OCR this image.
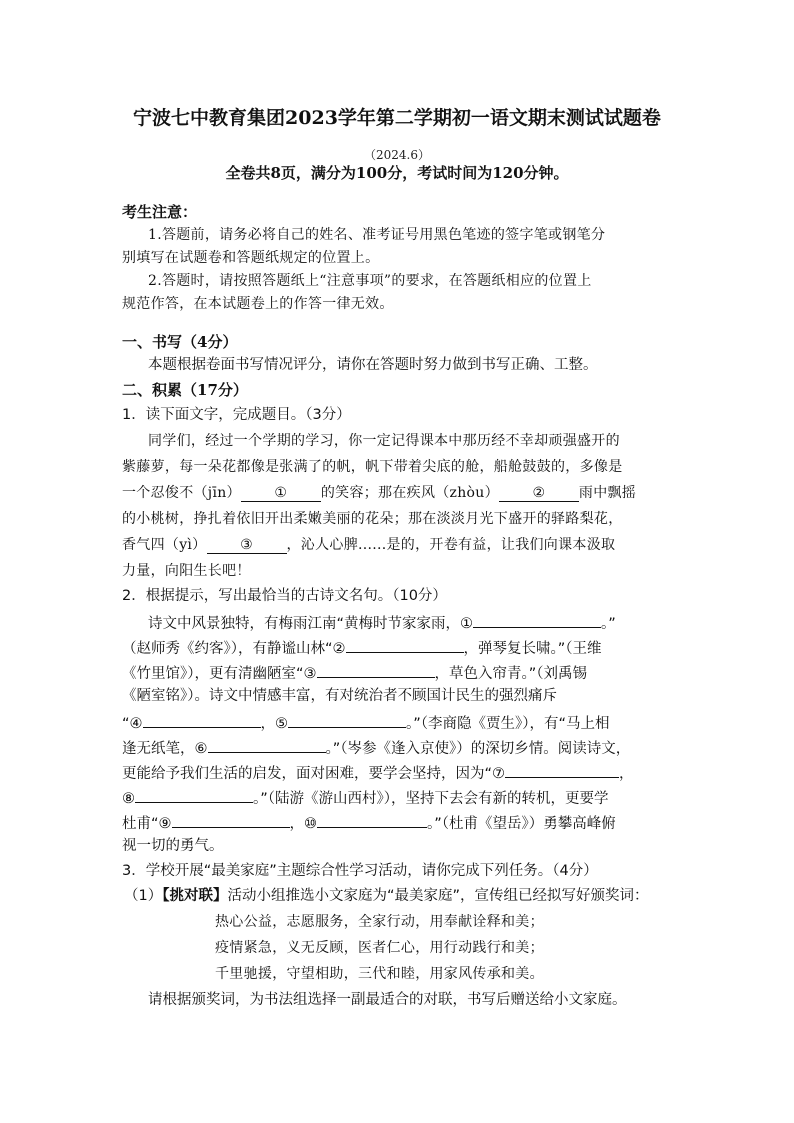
宁波七中教育集团2023学年第二学期初一语文期末测试试题卷
（2024.6）
全卷共8页，满分为100分，考试时间为120分钟。
考生注意：
1.答题前，请务必将自己的姓名、准考证号用黑色笔迹的签字笔或钢笔分
别填写在试题卷和答题纸规定的位置上。
2.答题时，请按照答题纸上“注意事项”的要求，在答题纸相应的位置上
规范作答，在本试题卷上的作答一律无效。
一、书写（4分）
本题根据卷面书写情况评分，请你在答题时努力做到书写正确、工整。
二、积累（17分）
1．读下面文字，完成题目。（3分）
同学们，经过一个学期的学习，你一定记得课本中那历经不幸却顽强盛开的
紫藤萝，每一朵花都像是张满了的帆，帆下带着尖底的舱，船舱鼓鼓的，多像是
一个忍俊不（jīn） ① 的笑容；那在疾风（zhòu） ② 雨中飘摇
的小桃树，挣扎着依旧开出柔嫩美丽的花朵；那在淡淡月光下盛开的驿路梨花，
香气四（yì） ③ ，沁人心脾......是的，开卷有益，让我们向课本汲取
力量，向阳生长吧！
2．根据提示，写出最恰当的古诗文名句。（10分）
诗文中风景独特，有梅雨江南“黄梅时节家家雨，①	。”
（赵师秀《约客》），有静谧山林“②	，弹琴复长啸。”（王维
《竹里馆》），更有清幽陋室“③	，草色入帘青。”（刘禹锡
《陋室铭》）。诗文中情感丰富，有对统治者不顾国计民生的强烈痛斥
“④	，⑤	。”（李商隐《贾生》），有“马上相
逢无纸笔，⑥	。”（岑参《逢入京使》）的深切乡情。阅读诗文，
更能给予我们生活的启发，面对困难，要学会坚持，因为“⑦	，
⑧	。”（陆游《游山西村》），坚持下去会有新的转机，更要学
杜甫“⑨	，⑩	。”（杜甫《望岳》）勇攀高峰俯
视一切的勇气。
3．学校开展“最美家庭”主题综合性学习活动，请你完成下列任务。（4分）
（1）【挑对联】活动小组推选小文家庭为“最美家庭”，宣传组已经拟写好颁奖词：
热心公益，志愿服务，全家行动，用奉献诠释和美；
疫情紧急，义无反顾，医者仁心，用行动践行和美；
千里驰援，守望相助，三代和睦，用家风传承和美。
请根据颁奖词，为书法组选择一副最适合的对联，书写后赠送给小文家庭。
